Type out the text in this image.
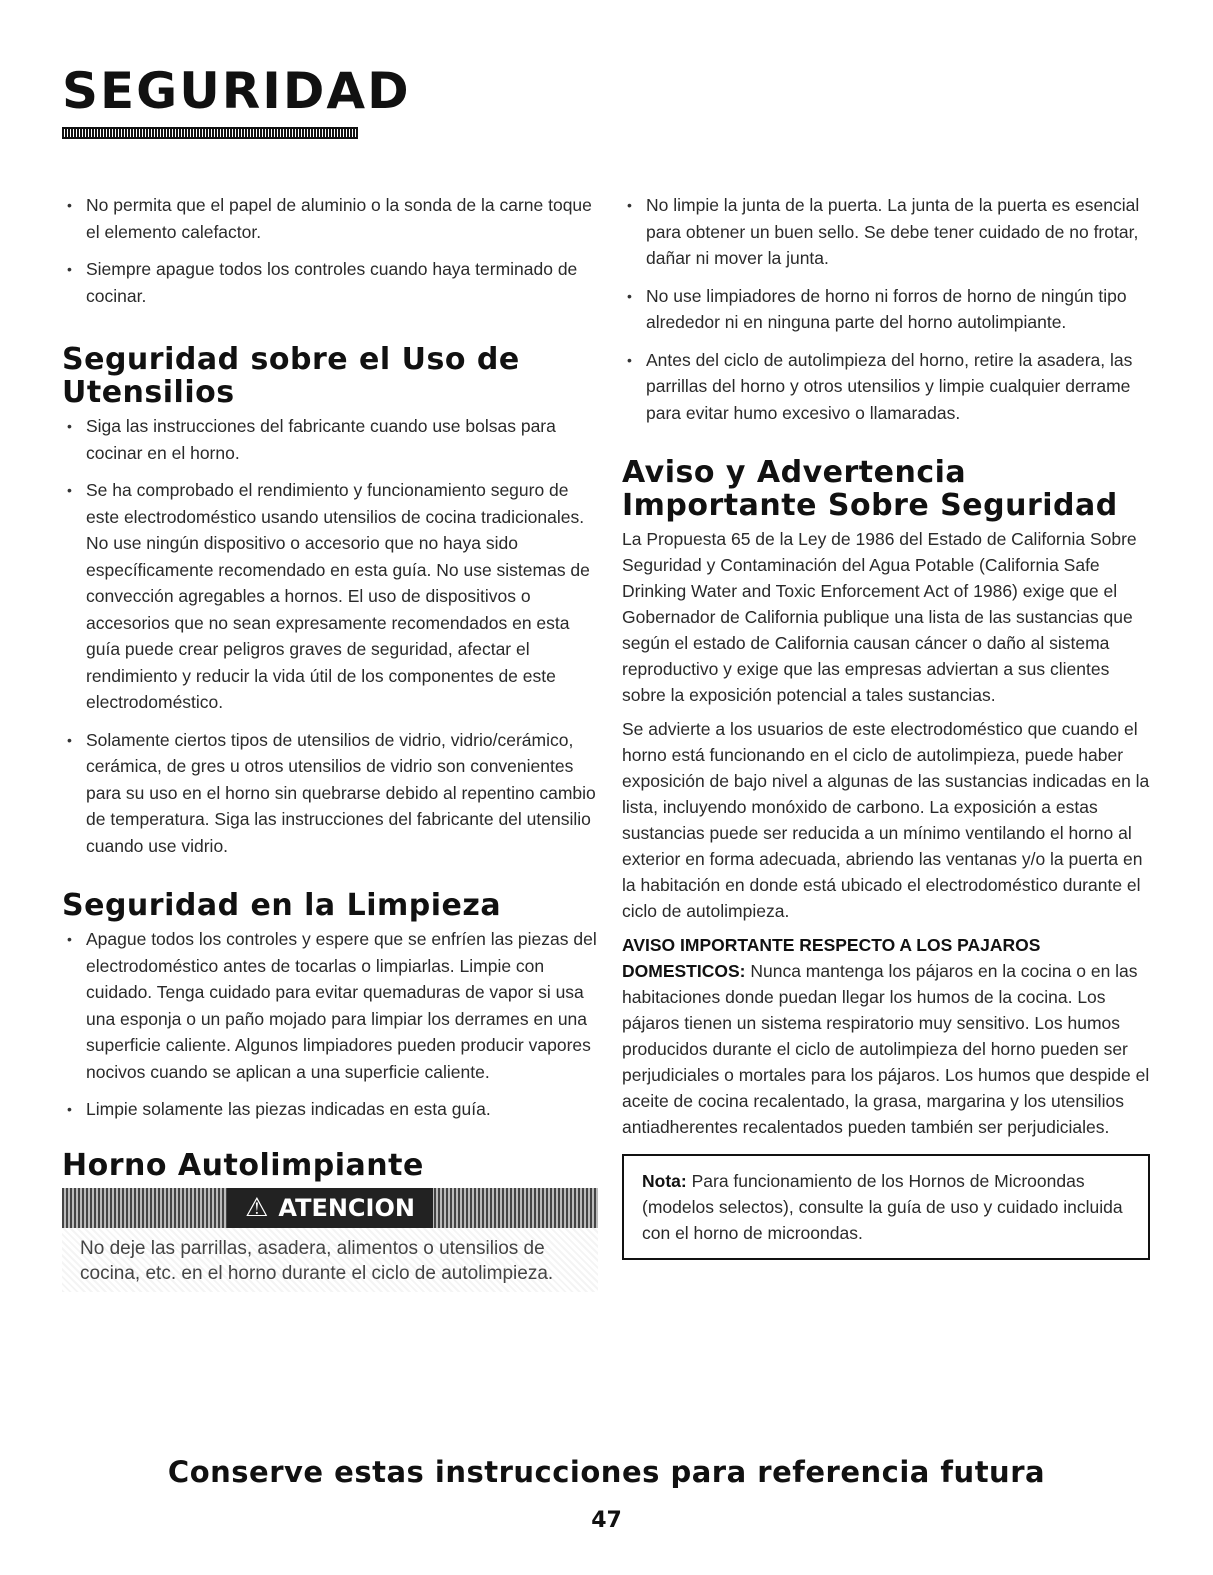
SEGURIDAD
• No permita que el papel de aluminio o la sonda de la carne toque el elemento calefactor.
• Siempre apague todos los controles cuando haya terminado de cocinar.
Seguridad sobre el Uso de Utensilios
• Siga las instrucciones del fabricante cuando use bolsas para cocinar en el horno.
• Se ha comprobado el rendimiento y funcionamiento seguro de este electrodoméstico usando utensilios de cocina tradicionales. No use ningún dispositivo o accesorio que no haya sido específicamente recomendado en esta guía. No use sistemas de convección agregables a hornos. El uso de dispositivos o accesorios que no sean expresamente recomendados en esta guía puede crear peligros graves de seguridad, afectar el rendimiento y reducir la vida útil de los componentes de este electrodoméstico.
• Solamente ciertos tipos de utensilios de vidrio, vidrio/cerámico, cerámica, de gres u otros utensilios de vidrio son convenientes para su uso en el horno sin quebrarse debido al repentino cambio de temperatura. Siga las instrucciones del fabricante del utensilio cuando use vidrio.
Seguridad en la Limpieza
• Apague todos los controles y espere que se enfríen las piezas del electrodoméstico antes de tocarlas o limpiarlas. Limpie con cuidado. Tenga cuidado para evitar quemaduras de vapor si usa una esponja o un paño mojado para limpiar los derrames en una superficie caliente. Algunos limpiadores pueden producir vapores nocivos cuando se aplican a una superficie caliente.
• Limpie solamente las piezas indicadas en esta guía.
Horno Autolimpiante
⚠ ATENCION
No deje las parrillas, asadera, alimentos o utensilios de cocina, etc. en el horno durante el ciclo de autolimpieza.
• No limpie la junta de la puerta. La junta de la puerta es esencial para obtener un buen sello. Se debe tener cuidado de no frotar, dañar ni mover la junta.
• No use limpiadores de horno ni forros de horno de ningún tipo alrededor ni en ninguna parte del horno autolimpiante.
• Antes del ciclo de autolimpieza del horno, retire la asadera, las parrillas del horno y otros utensilios y limpie cualquier derrame para evitar humo excesivo o llamaradas.
Aviso y Advertencia Importante Sobre Seguridad

La Propuesta 65 de la Ley de 1986 del Estado de California Sobre Seguridad y Contaminación del Agua Potable (California Safe Drinking Water and Toxic Enforcement Act of 1986) exige que el Gobernador de California publique una lista de las sustancias que según el estado de California causan cáncer o daño al sistema reproductivo y exige que las empresas adviertan a sus clientes sobre la exposición potencial a tales sustancias.

Se advierte a los usuarios de este electrodoméstico que cuando el horno está funcionando en el ciclo de autolimpieza, puede haber exposición de bajo nivel a algunas de las sustancias indicadas en la lista, incluyendo monóxido de carbono. La exposición a estas sustancias puede ser reducida a un mínimo ventilando el horno al exterior en forma adecuada, abriendo las ventanas y/o la puerta en la habitación en donde está ubicado el electrodoméstico durante el ciclo de autolimpieza.

AVISO IMPORTANTE RESPECTO A LOS PAJAROS DOMESTICOS: Nunca mantenga los pájaros en la cocina o en las habitaciones donde puedan llegar los humos de la cocina. Los pájaros tienen un sistema respiratorio muy sensitivo. Los humos producidos durante el ciclo de autolimpieza del horno pueden ser perjudiciales o mortales para los pájaros. Los humos que despide el aceite de cocina recalentado, la grasa, margarina y los utensilios antiadherentes recalentados pueden también ser perjudiciales.

Nota: Para funcionamiento de los Hornos de Microondas (modelos selectos), consulte la guía de uso y cuidado incluida con el horno de microondas.
Conserve estas instrucciones para referencia futura
47
